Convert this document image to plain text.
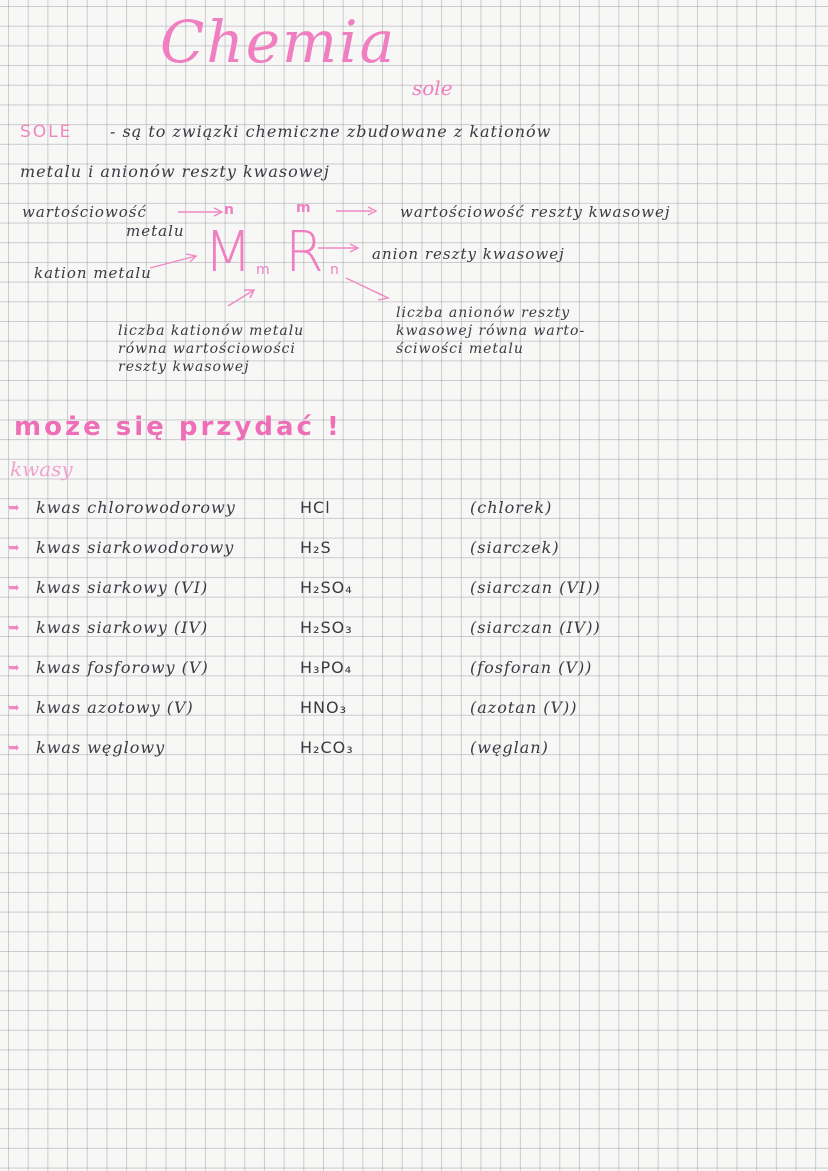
Chemia
sole
SOLE - są to związki chemiczne zbudowane z kationów
metalu i anionów reszty kwasowej
wartościowość
metalu
wartościowość reszty kwasowej
anion reszty kwasowej
kation metalu
n	m
M m R n
liczba kationów metalu
równa wartościowości
reszty kwasowej
liczba anionów reszty
kwasowej równa warto-
ściwości metalu
może się przydać !
kwasy
➥ kwas chlorowodorowy	HCl	(chlorek)
➥ kwas siarkowodorowy	H₂S	(siarczek)
➥ kwas siarkowy (VI)	H₂SO₄	(siarczan (VI))
➥ kwas siarkowy (IV)	H₂SO₃	(siarczan (IV))
➥ kwas fosforowy (V)	H₃PO₄	(fosforan (V))
➥ kwas azotowy (V)	HNO₃	(azotan (V))
➥ kwas węglowy	H₂CO₃	(węglan)
